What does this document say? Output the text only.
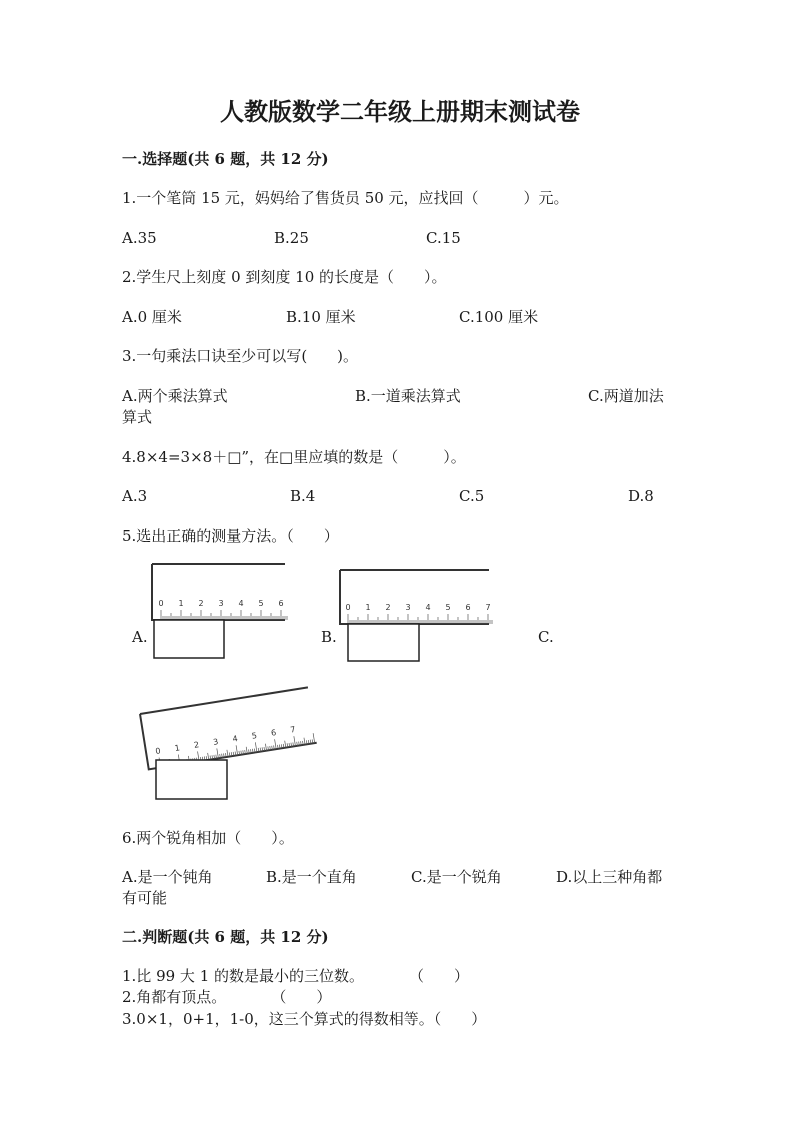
人教版数学二年级上册期末测试卷
一.选择题(共 6 题，共 12 分)
1.一个笔筒 15 元，妈妈给了售货员 50 元，应找回（　　　）元。
A.35	B.25	C.15
2.学生尺上刻度 0 到刻度 10 的长度是（　　）。
A.0 厘米	B.10 厘米	C.100 厘米
3.一句乘法口诀至少可以写(　　)。
A.两个乘法算式	B.一道乘法算式	C.两道加法
算式
4.8×4=3×8＋□”，在□里应填的数是（　　　）。
A.3	B.4	C.5	D.8
5.选出正确的测量方法。（　　）
A.	B.	C.
0 1 2 3 4 5 6	0 1 2 3 4 5 6 7
0 1 2 3 4 5 6 7
6.两个锐角相加（　　）。
A.是一个钝角	B.是一个直角	C.是一个锐角	D.以上三种角都
有可能
二.判断题(共 6 题，共 12 分)
1.比 99 大 1 的数是最小的三位数。　　　　（　　）
2.角都有顶点。　　　　（　　）
3.0×1，0+1，1-0，这三个算式的得数相等。（　　）
